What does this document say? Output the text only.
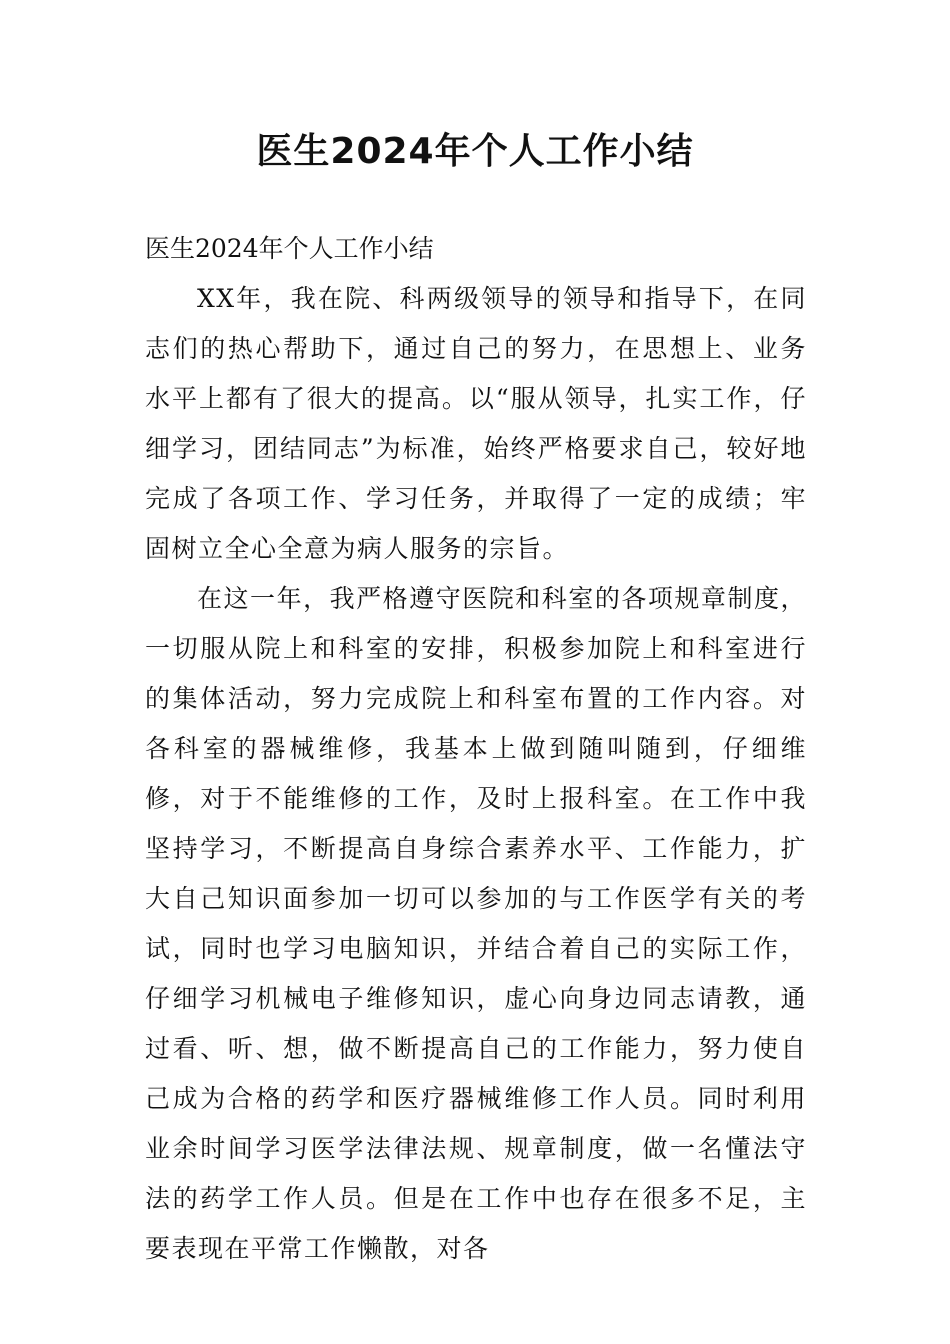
医生2024年个人工作小结

医生2024年个人工作小结

XX年，我在院、科两级领导的领导和指导下，在同志们的热心帮助下，通过自己的努力，在思想上、业务水平上都有了很大的提高。以“服从领导，扎实工作，仔细学习，团结同志”为标准，始终严格要求自己，较好地完成了各项工作、学习任务，并取得了一定的成绩；牢固树立全心全意为病人服务的宗旨。

在这一年，我严格遵守医院和科室的各项规章制度，一切服从院上和科室的安排，积极参加院上和科室进行的集体活动，努力完成院上和科室布置的工作内容。对各科室的器械维修，我基本上做到随叫随到，仔细维修，对于不能维修的工作，及时上报科室。在工作中我坚持学习，不断提高自身综合素养水平、工作能力，扩大自己知识面参加一切可以参加的与工作医学有关的考试，同时也学习电脑知识，并结合着自己的实际工作，仔细学习机械电子维修知识，虚心向身边同志请教，通过看、听、想，做不断提高自己的工作能力，努力使自己成为合格的药学和医疗器械维修工作人员。同时利用业余时间学习医学法律法规、规章制度，做一名懂法守法的药学工作人员。但是在工作中也存在很多不足，主要表现在平常工作懒散，对各
